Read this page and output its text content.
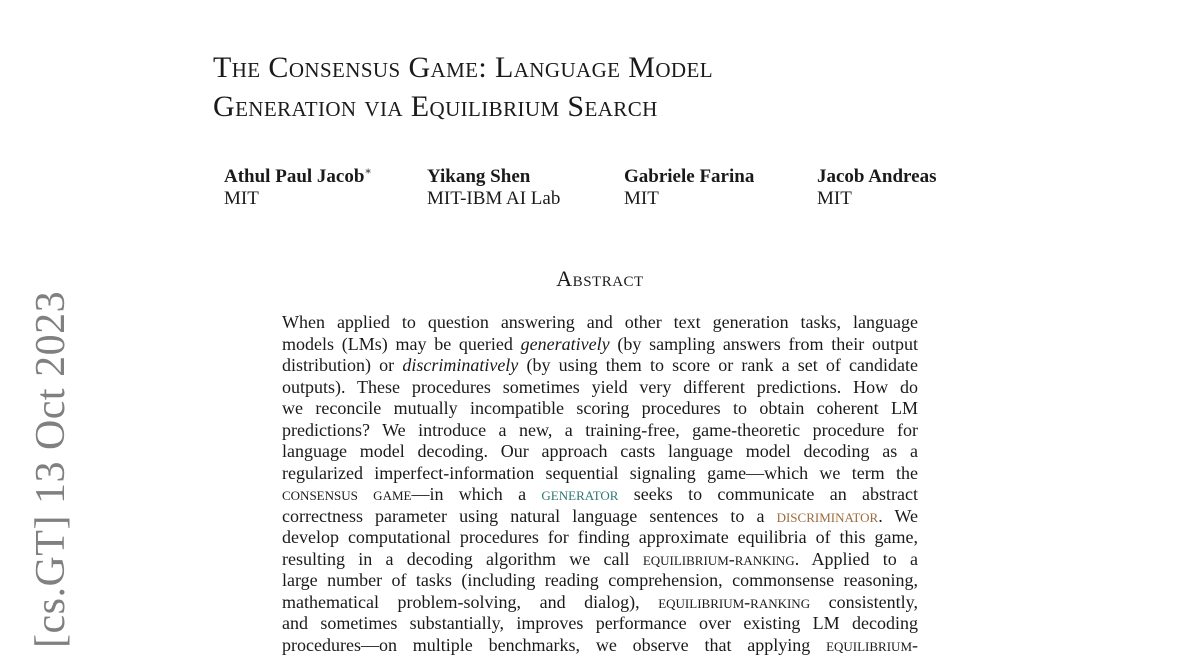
The Consensus Game: Language Model
Generation via Equilibrium Search
Athul Paul Jacob∗
MIT
Yikang Shen
MIT-IBM AI Lab
Gabriele Farina
MIT
Jacob Andreas
MIT
Abstract
When applied to question answering and other text generation tasks, language
models (LMs) may be queried generatively (by sampling answers from their output
distribution) or discriminatively (by using them to score or rank a set of candidate
outputs). These procedures sometimes yield very different predictions. How do
we reconcile mutually incompatible scoring procedures to obtain coherent LM
predictions? We introduce a new, a training-free, game-theoretic procedure for
language model decoding. Our approach casts language model decoding as a
regularized imperfect-information sequential signaling game—which we term the
consensus game—in which a generator seeks to communicate an abstract
correctness parameter using natural language sentences to a discriminator. We
develop computational procedures for finding approximate equilibria of this game,
resulting in a decoding algorithm we call equilibrium-ranking. Applied to a
large number of tasks (including reading comprehension, commonsense reasoning,
mathematical problem-solving, and dialog), equilibrium-ranking consistently,
and sometimes substantially, improves performance over existing LM decoding
procedures—on multiple benchmarks, we observe that applying equilibrium-
[cs.GT] 13 Oct 2023
